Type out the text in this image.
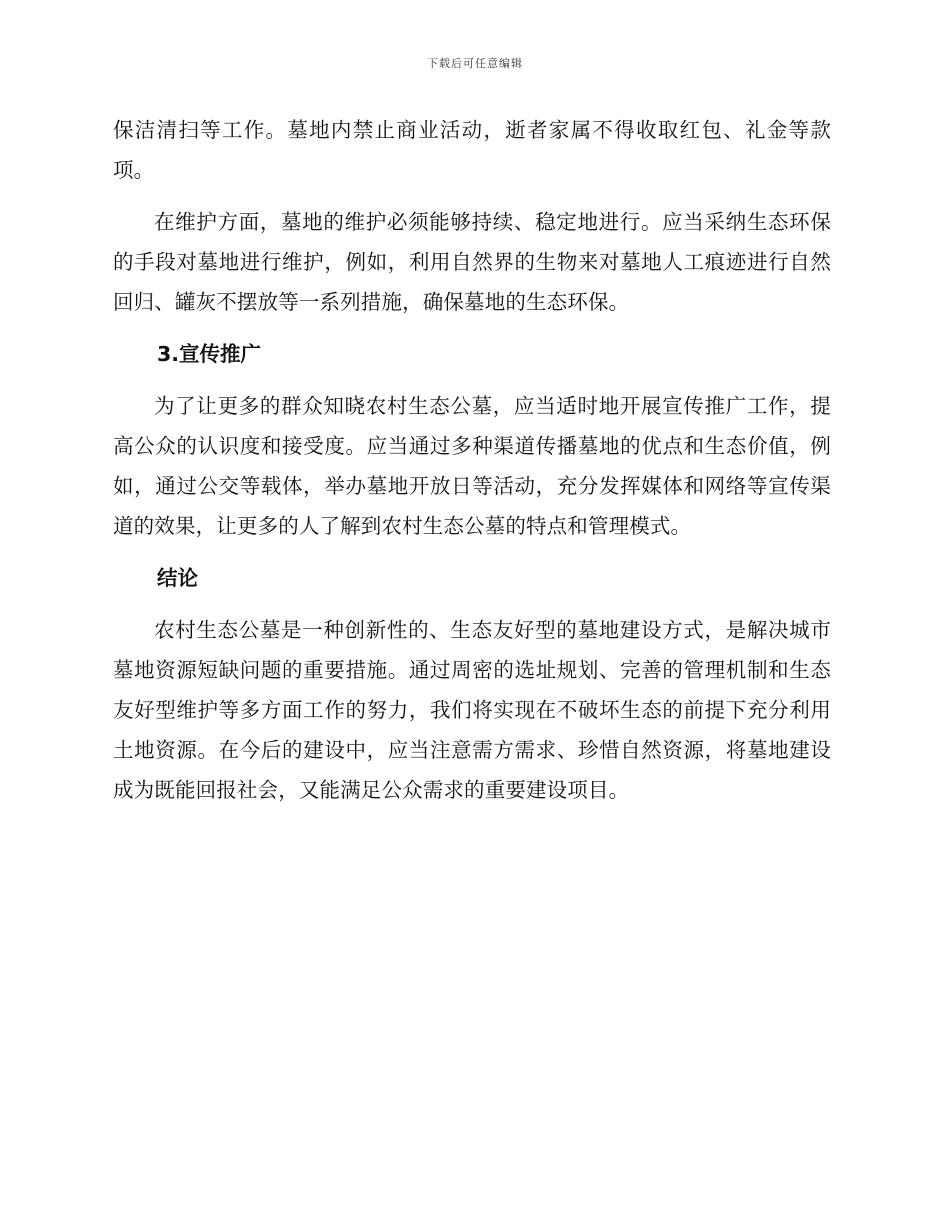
下载后可任意编辑

保洁清扫等工作。墓地内禁止商业活动，逝者家属不得收取红包、礼金等款项。

在维护方面，墓地的维护必须能够持续、稳定地进行。应当采纳生态环保的手段对墓地进行维护，例如，利用自然界的生物来对墓地人工痕迹进行自然回归、罐灰不摆放等一系列措施，确保墓地的生态环保。

3.宣传推广

为了让更多的群众知晓农村生态公墓，应当适时地开展宣传推广工作，提高公众的认识度和接受度。应当通过多种渠道传播墓地的优点和生态价值，例如，通过公交等载体，举办墓地开放日等活动，充分发挥媒体和网络等宣传渠道的效果，让更多的人了解到农村生态公墓的特点和管理模式。

结论

农村生态公墓是一种创新性的、生态友好型的墓地建设方式，是解决城市墓地资源短缺问题的重要措施。通过周密的选址规划、完善的管理机制和生态友好型维护等多方面工作的努力，我们将实现在不破坏生态的前提下充分利用土地资源。在今后的建设中，应当注意需方需求、珍惜自然资源，将墓地建设成为既能回报社会，又能满足公众需求的重要建设项目。
